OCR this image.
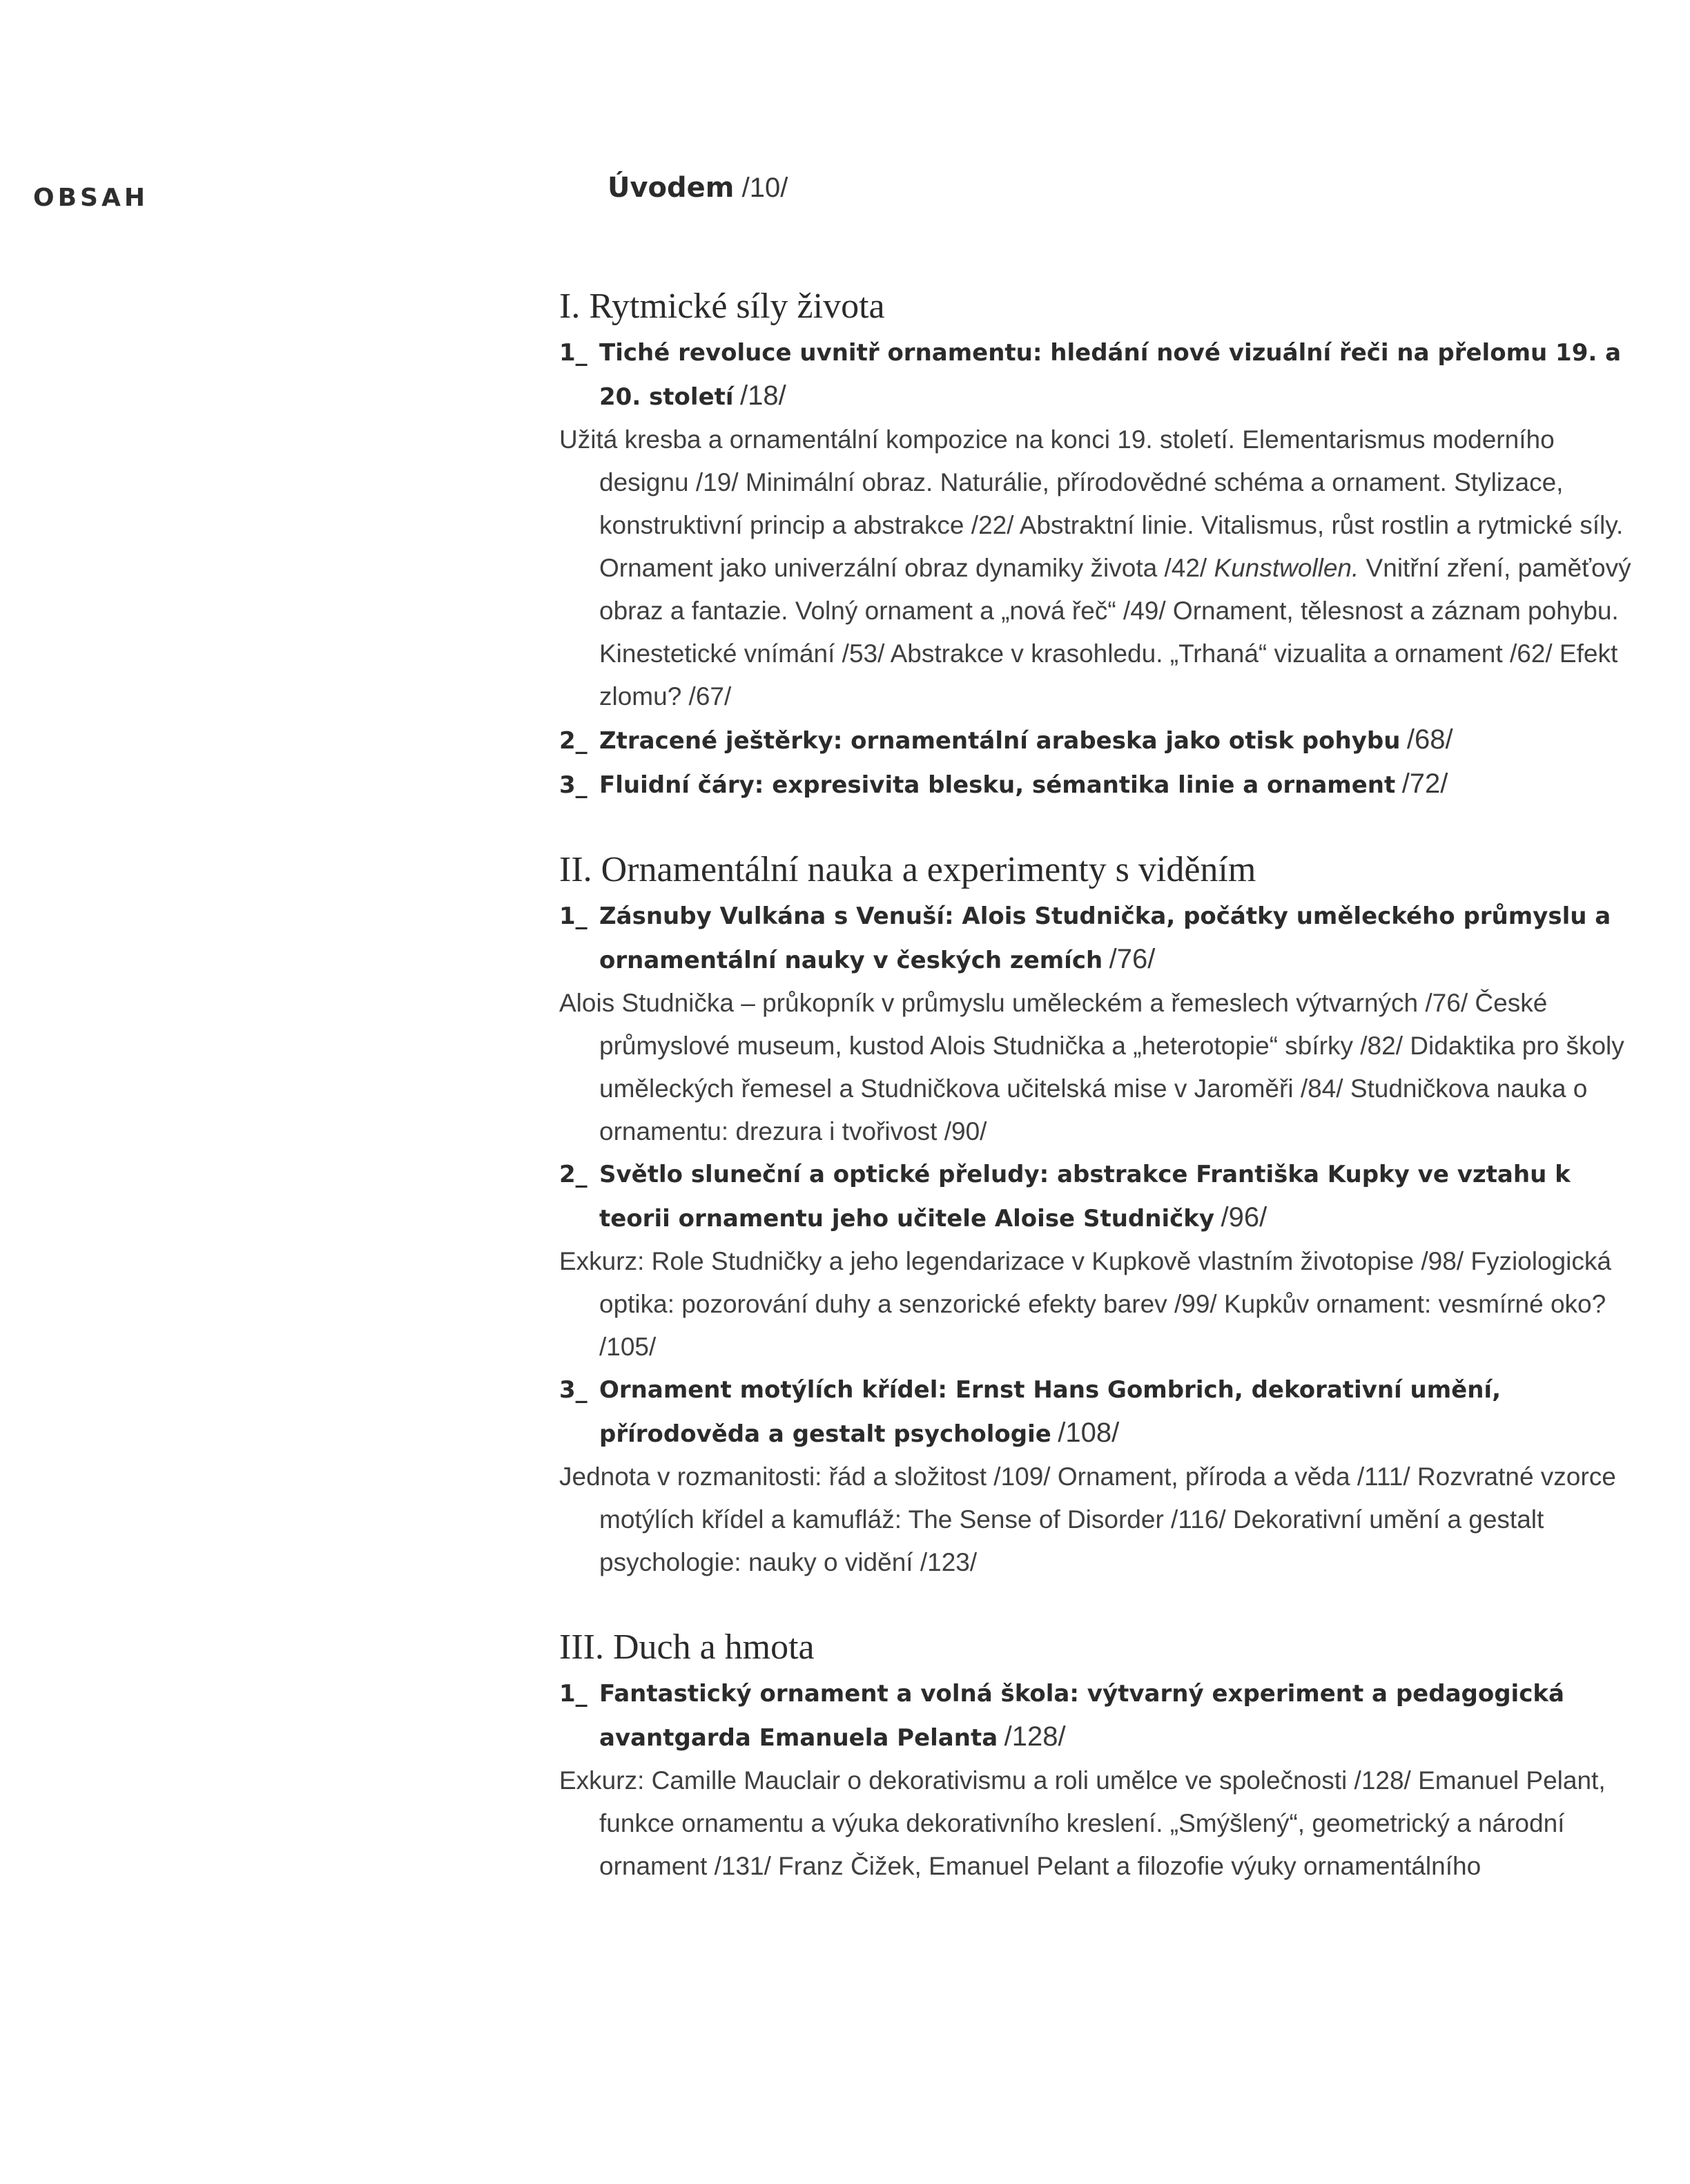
OBSAH	Úvodem /10/

I. Rytmické síly života

1_ Tiché revoluce uvnitř ornamentu: hledání nové vizuální řeči na přelomu 19. a 20. století /18/

Užitá kresba a ornamentální kompozice na konci 19. století. Elementarismus moderního designu /19/ Minimální obraz. Naturálie, přírodovědné schéma a ornament. Stylizace, konstruktivní princip a abstrakce /22/ Abstraktní linie. Vitalismus, růst rostlin a rytmické síly. Ornament jako univerzální obraz dynamiky života /42/ Kunstwollen. Vnitřní zření, paměťový obraz a fantazie. Volný ornament a „nová řeč“ /49/ Ornament, tělesnost a záznam pohybu. Kinestetické vnímání /53/ Abstrakce v krasohledu. „Trhaná“ vizualita a ornament /62/ Efekt zlomu? /67/

2_ Ztracené ještěrky: ornamentální arabeska jako otisk pohybu /68/

3_ Fluidní čáry: expresivita blesku, sémantika linie a ornament /72/

II. Ornamentální nauka a experimenty s viděním

1_ Zásnuby Vulkána s Venuší: Alois Studnička, počátky uměleckého průmyslu a ornamentální nauky v českých zemích /76/

Alois Studnička – průkopník v průmyslu uměleckém a řemeslech výtvarných /76/ České průmyslové museum, kustod Alois Studnička a „heterotopie“ sbírky /82/ Didaktika pro školy uměleckých řemesel a Studničkova učitelská mise v Jaroměři /84/ Studničkova nauka o ornamentu: drezura i tvořivost /90/

2_ Světlo sluneční a optické přeludy: abstrakce Františka Kupky ve vztahu k teorii ornamentu jeho učitele Aloise Studničky /96/

Exkurz: Role Studničky a jeho legendarizace v Kupkově vlastním životopise /98/ Fyziologická optika: pozorování duhy a senzorické efekty barev /99/ Kupkův ornament: vesmírné oko? /105/

3_ Ornament motýlích křídel: Ernst Hans Gombrich, dekorativní umění, přírodověda a gestalt psychologie /108/

Jednota v rozmanitosti: řád a složitost /109/ Ornament, příroda a věda /111/ Rozvratné vzorce motýlích křídel a kamufláž: The Sense of Disorder /116/ Dekorativní umění a gestalt psychologie: nauky o vidění /123/

III. Duch a hmota

1_ Fantastický ornament a volná škola: výtvarný experiment a pedagogická avantgarda Emanuela Pelanta /128/

Exkurz: Camille Mauclair o dekorativismu a roli umělce ve společnosti /128/ Emanuel Pelant, funkce ornamentu a výuka dekorativního kreslení. „Smýšlený“, geometrický a národní ornament /131/ Franz Čižek, Emanuel Pelant a filozofie výuky ornamentálního
